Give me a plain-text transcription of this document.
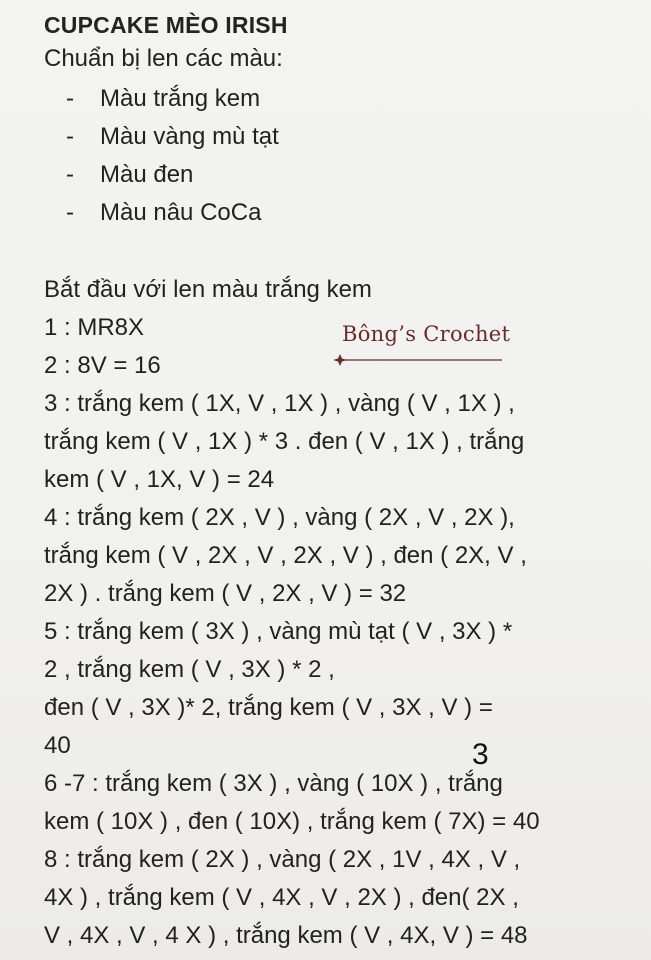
CUPCAKE MÈO IRISH
Chuẩn bị len các màu:
- Màu trắng kem
- Màu vàng mù tạt
- Màu đen
- Màu nâu CoCa
Bắt đầu với len màu trắng kem
1 : MR8X
2 : 8V = 16
3 : trắng kem ( 1X, V , 1X ) , vàng ( V , 1X ) ,
trắng kem ( V , 1X ) * 3 . đen ( V , 1X ) , trắng
kem ( V , 1X, V ) = 24
4 : trắng kem ( 2X , V ) , vàng ( 2X , V , 2X ),
trắng kem ( V , 2X , V , 2X , V ) , đen ( 2X, V ,
2X ) . trắng kem ( V , 2X , V ) = 32
5 : trắng kem ( 3X ) , vàng mù tạt ( V , 3X ) *
2 , trắng kem ( V , 3X ) * 2 ,
đen ( V , 3X )* 2, trắng kem ( V , 3X , V ) =
40
6 -7 : trắng kem ( 3X ) , vàng ( 10X ) , trắng
kem ( 10X ) , đen ( 10X) , trắng kem ( 7X) = 40
8 : trắng kem ( 2X ) , vàng ( 2X , 1V , 4X , V ,
4X ) , trắng kem ( V , 4X , V , 2X ) , đen( 2X ,
V , 4X , V , 4 X ) , trắng kem ( V , 4X, V ) = 48
Bông’s Crochet
3
